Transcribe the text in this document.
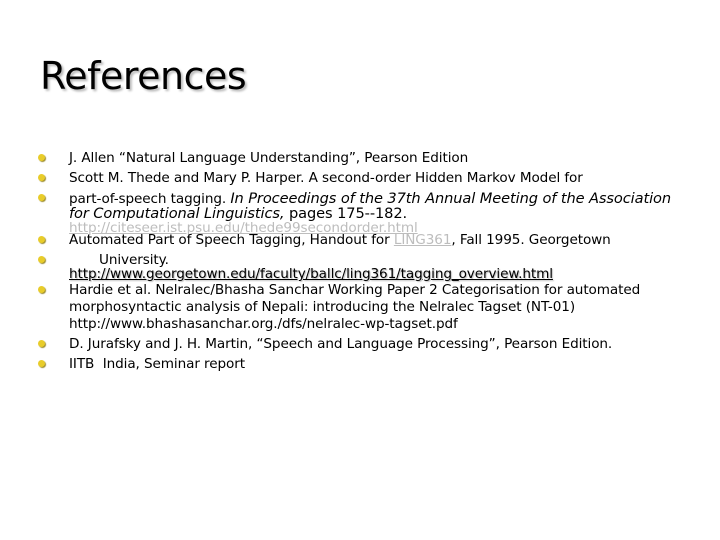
References
J. Allen “Natural Language Understanding”, Pearson Edition
Scott M. Thede and Mary P. Harper. A second-order Hidden Markov Model for
part-of-speech tagging. In Proceedings of the 37th Annual Meeting of the Association
for Computational Linguistics, pages 175--182.
http://citeseer.ist.psu.edu/thede99secondorder.html
Automated Part of Speech Tagging, Handout for LING361, Fall 1995. Georgetown
University.
http://www.georgetown.edu/faculty/ballc/ling361/tagging_overview.html
Hardie et al. Nelralec/Bhasha Sanchar Working Paper 2 Categorisation for automated
morphosyntactic analysis of Nepali: introducing the Nelralec Tagset (NT-01)
http://www.bhashasanchar.org./dfs/nelralec-wp-tagset.pdf
D. Jurafsky and J. H. Martin, “Speech and Language Processing”, Pearson Edition.
IITB  India, Seminar report
